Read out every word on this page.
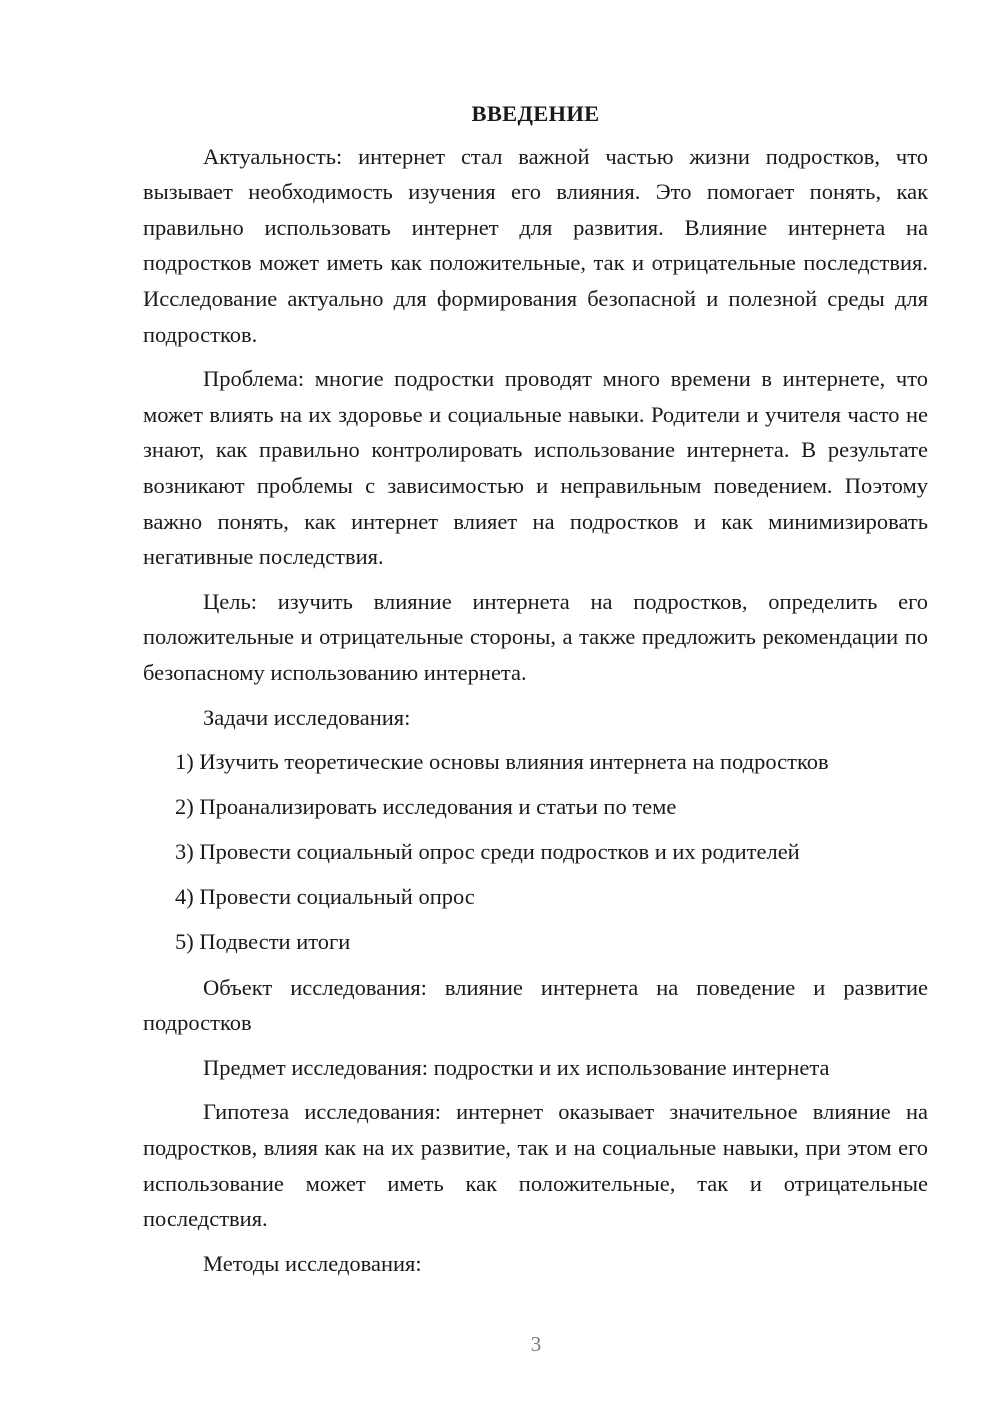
ВВЕДЕНИЕ

Актуальность: интернет стал важной частью жизни подростков, что вызывает необходимость изучения его влияния. Это помогает понять, как правильно использовать интернет для развития. Влияние интернета на подростков может иметь как положительные, так и отрицательные последствия. Исследование актуально для формирования безопасной и полезной среды для подростков.

Проблема: многие подростки проводят много времени в интернете, что может влиять на их здоровье и социальные навыки. Родители и учителя часто не знают, как правильно контролировать использование интернета. В результате возникают проблемы с зависимостью и неправильным поведением. Поэтому важно понять, как интернет влияет на подростков и как минимизировать негативные последствия.

Цель: изучить влияние интернета на подростков, определить его положительные и отрицательные стороны, а также предложить рекомендации по безопасному использованию интернета.

Задачи исследования:

1) Изучить теоретические основы влияния интернета на подростков
2) Проанализировать исследования и статьи по теме
3) Провести социальный опрос среди подростков и их родителей
4) Провести социальный опрос
5) Подвести итоги

Объект исследования: влияние интернета на поведение и развитие подростков

Предмет исследования: подростки и их использование интернета

Гипотеза исследования: интернет оказывает значительное влияние на подростков, влияя как на их развитие, так и на социальные навыки, при этом его использование может иметь как положительные, так и отрицательные последствия.

Методы исследования:

3
